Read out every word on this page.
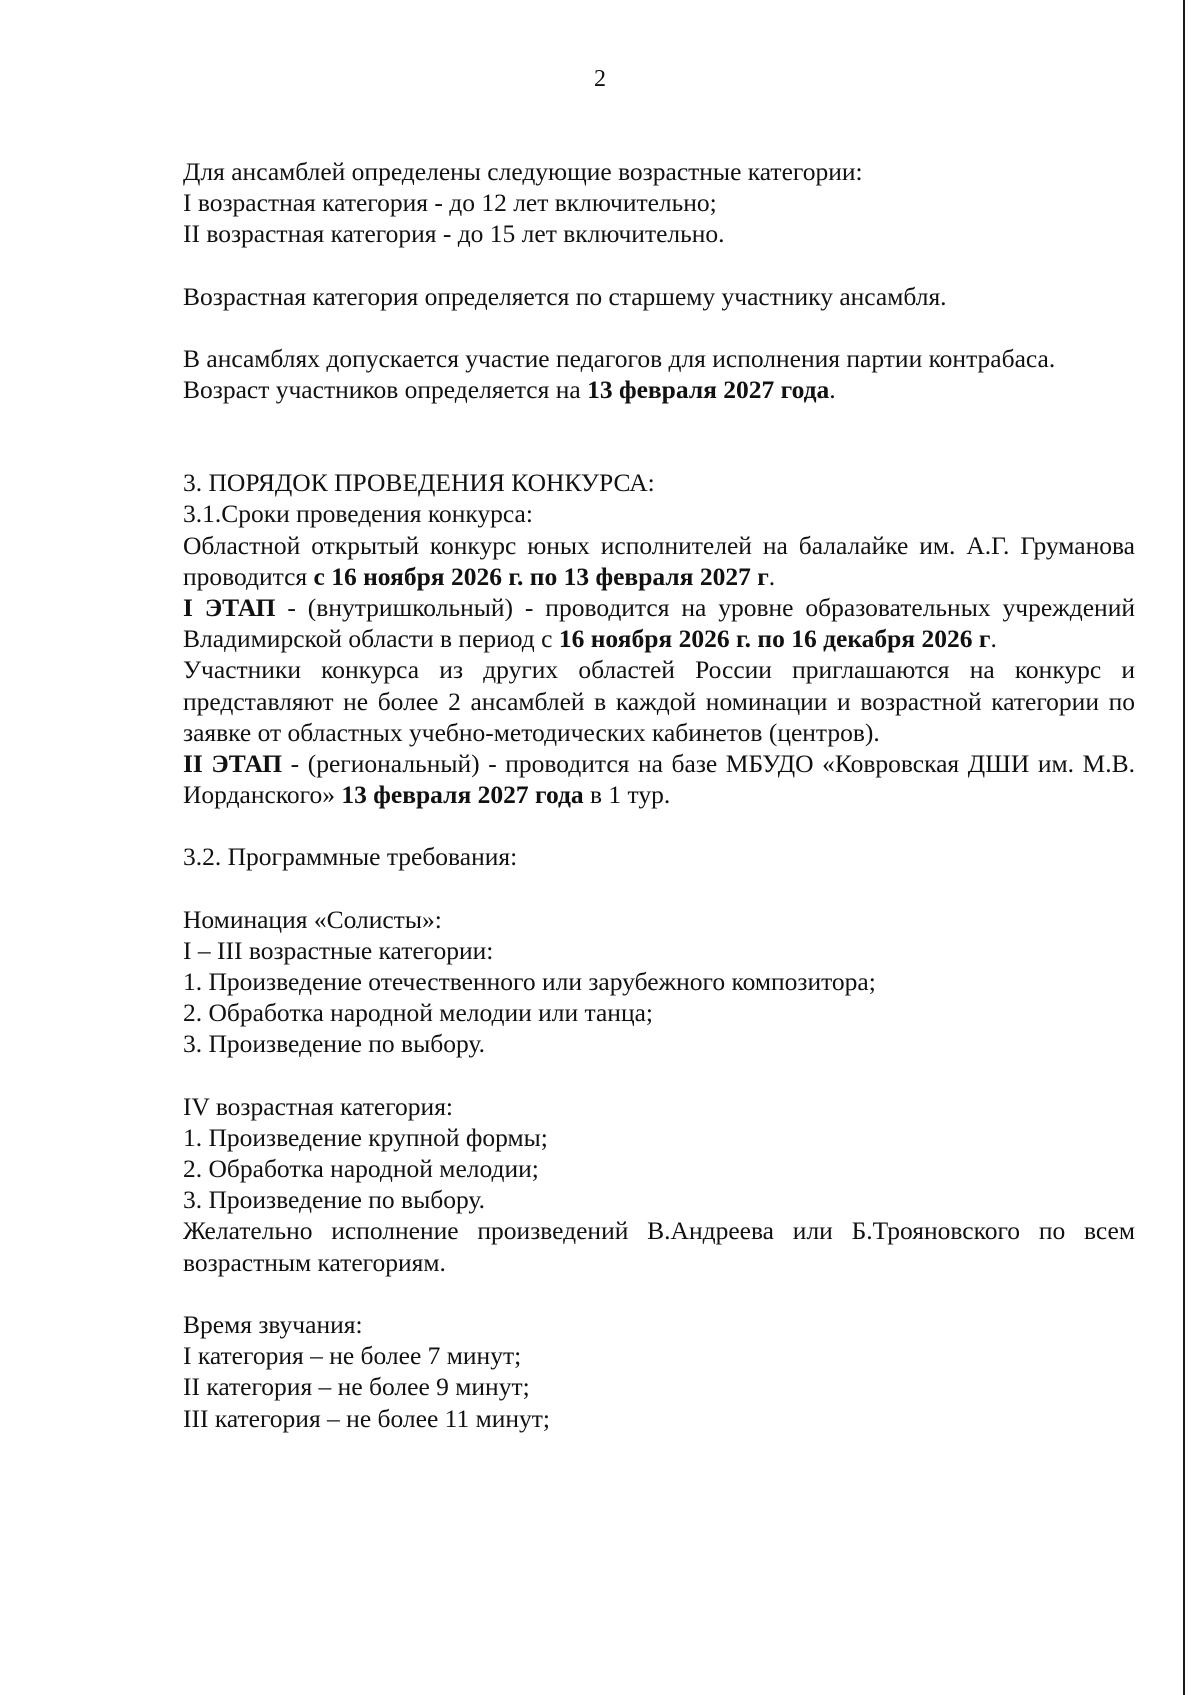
2

Для ансамблей определены следующие возрастные категории:

I возрастная категория - до 12 лет включительно;

II возрастная категория - до 15 лет включительно.

Возрастная категория определяется по старшему участнику ансамбля.

В ансамблях допускается участие педагогов для исполнения партии контрабаса.

Возраст участников определяется на 13 февраля 2027 года.

3. ПОРЯДОК ПРОВЕДЕНИЯ КОНКУРСА:

3.1.Сроки проведения конкурса:

Областной открытый конкурс юных исполнителей на балалайке им. А.Г. Груманова проводится с 16 ноября 2026 г. по 13 февраля 2027 г.

I ЭТАП - (внутришкольный) - проводится на уровне образовательных учреждений Владимирской области в период с 16 ноября 2026 г. по 16 декабря 2026 г.

Участники конкурса из других областей России приглашаются на конкурс и представляют не более 2 ансамблей в каждой номинации и возрастной категории по заявке от областных учебно-методических кабинетов (центров).

II ЭТАП - (региональный) - проводится на базе МБУДО «Ковровская ДШИ им. М.В. Иорданского» 13 февраля 2027 года в 1 тур.

3.2. Программные требования:

Номинация «Солисты»:

I – III возрастные категории:

1. Произведение отечественного или зарубежного композитора;

2. Обработка народной мелодии или танца;

3. Произведение по выбору.

IV возрастная категория:

1. Произведение крупной формы;

2. Обработка народной мелодии;

3. Произведение по выбору.

Желательно исполнение произведений В.Андреева или Б.Трояновского по всем возрастным категориям.

Время звучания:

I категория – не более 7 минут;

II категория – не более 9 минут;

III категория – не более 11 минут;
